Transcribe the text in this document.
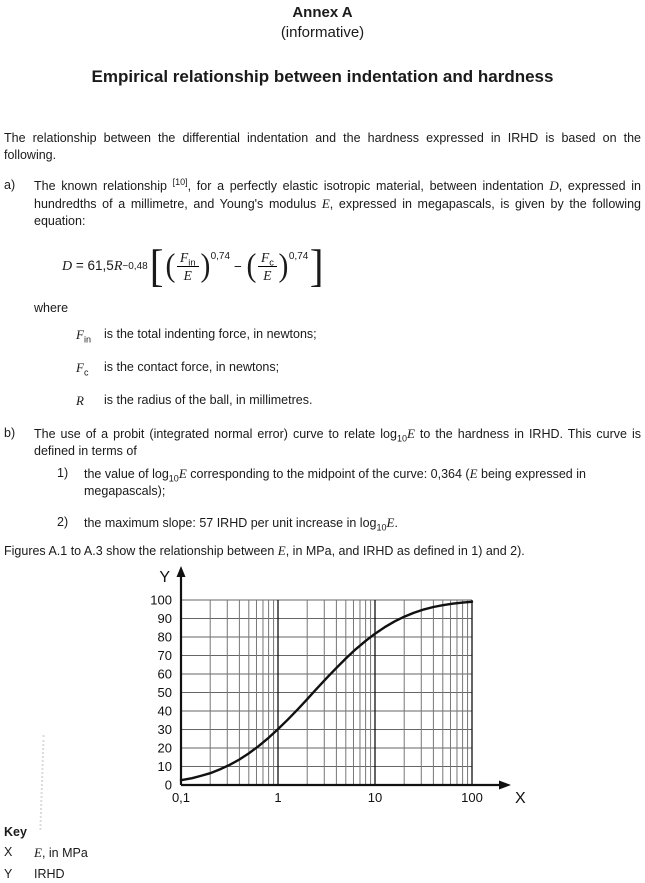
Annex A
(informative)
Empirical relationship between indentation and hardness
The relationship between the differential indentation and the hardness expressed in IRHD is based on the following.
a)	The known relationship [10], for a perfectly elastic isotropic material, between indentation D, expressed in hundredths of a millimetre, and Young's modulus E, expressed in megapascals, is given by the following equation:
D = 61,5R −0,48 [ ( $\frac{F_{in}}{E}$ ) 0,74
− ( $\frac{F_c}{E}$ ) 0,74 ]
where
$F_{in}$	is the total indenting force, in newtons;
$F_c$	is the contact force, in newtons;
R	is the radius of the ball, in millimetres.
b)	The use of a probit (integrated normal error) curve to relate $\log_{10}E$ to the hardness in IRHD. This curve is defined in terms of
1)	the value of $\log_{10}E$ corresponding to the midpoint of the curve: 0,364 (E being expressed in megapascals);
2)	the maximum slope: 57 IRHD per unit increase in $\log_{10}E$.
Figures A.1 to A.3 show the relationship between E, in MPa, and IRHD as defined in 1) and 2).
0
10
20
30
40
50
60
70
80
90
100
0,1	1	10	100
Y
X
Key
X	E, in MPa
Y	IRHD
